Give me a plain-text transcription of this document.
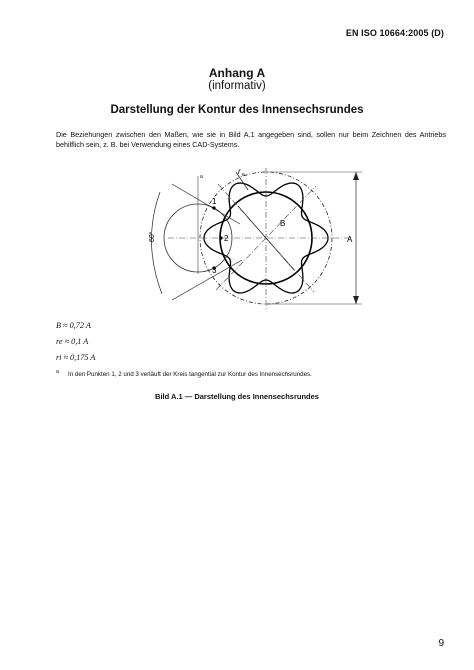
EN ISO 10664:2005 (D)
Anhang A
(informativ)
Darstellung der Kontur des Innensechsrundes
Die Beziehungen zwischen den Maßen, wie sie in Bild A.1 angegeben sind, sollen nur beim Zeichnen des Antriebs behilflich sein, z. B. bei Verwendung eines CAD-Systems.
1
2
3
A
B
r e
a
60°
B ≈ 0,72 A
re ≈ 0,1 A
ri ≈ 0,175 A
a In den Punkten 1, 2 und 3 verläuft der Kreis tangential zur Kontur des Innensechsrundes.
Bild A.1 — Darstellung des Innensechsrundes
9
